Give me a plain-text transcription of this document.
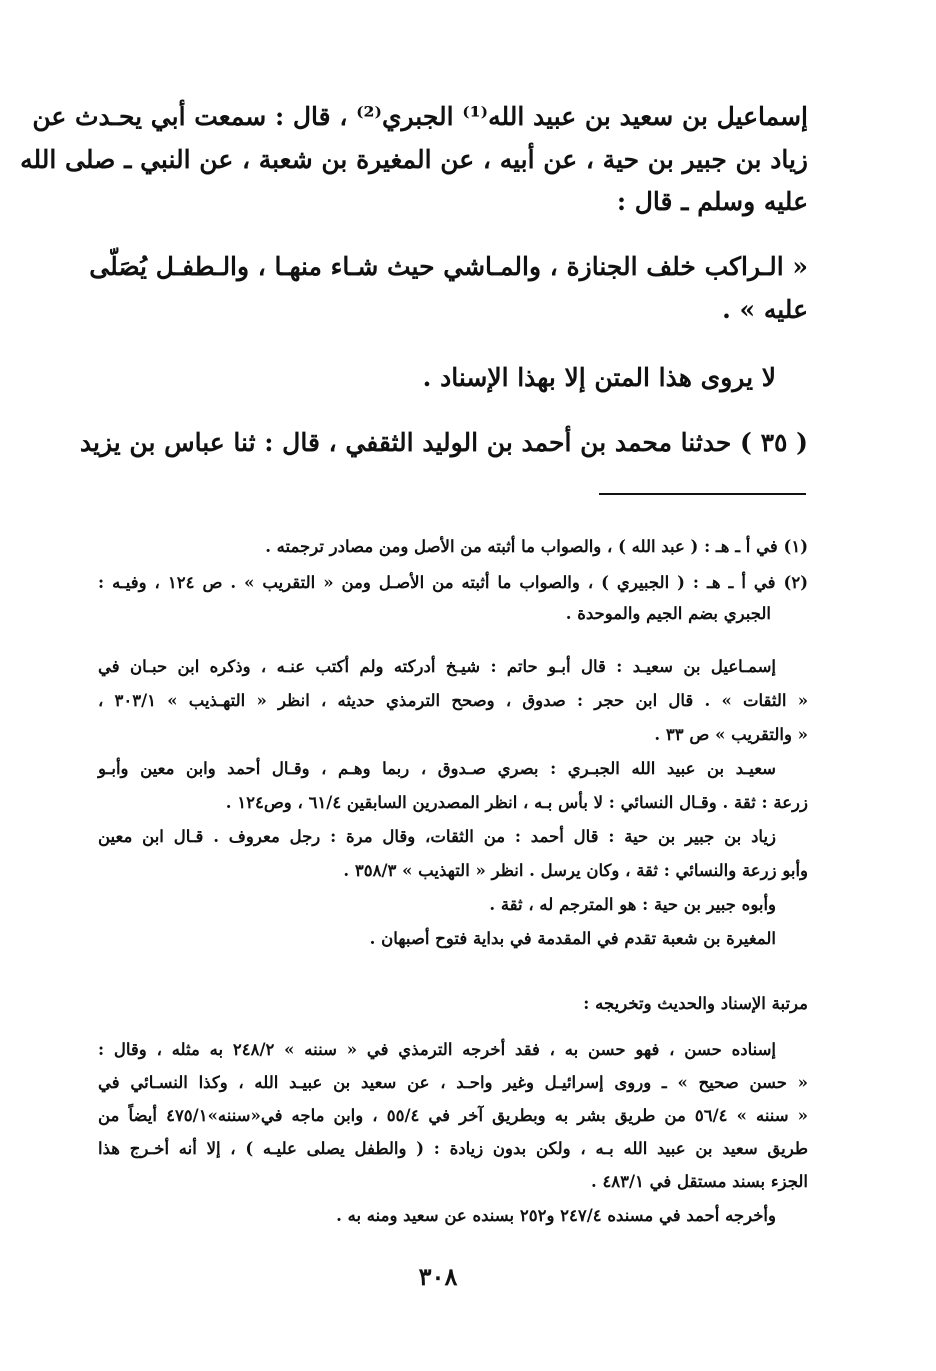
إسماعيل بن سعيد بن عبيد الله⁽¹⁾ الجبري⁽²⁾ ، قال : سمعت أبي يحـدث عن
زياد بن جبير بن حية ، عن أبيه ، عن المغيرة بن شعبة ، عن النبي ـ صلى الله
عليه وسلم ـ قال :
« الـراكب خلف الجنازة ، والمـاشي حيث شـاء منهـا ، والـطفـل يُصَلّى
عليه » .
لا يروى هذا المتن إلا بهذا الإسناد .
( ٣٥ ) حدثنا محمد بن أحمد بن الوليد الثقفي ، قال : ثنا عباس بن يزيد
(١) في أ ـ هـ : ( عبد الله ) ، والصواب ما أثبته من الأصل ومن مصادر ترجمته .
(٢) في أ ـ هـ : ( الجبيري ) ، والصواب ما أثبته من الأصـل ومن « التقريب » . ص ١٢٤ ، وفيـه :
الجبري بضم الجيم والموحدة .
إسمـاعيل بن سعيـد : قال أبـو حاتم : شيـخ أدركته ولم أكتب عنـه ، وذكره ابن حبـان في
« الثقات » . قال ابن حجر : صدوق ، وصحح الترمذي حديثه ، انظر « التهـذيب » ٣٠٣/١ ،
« والتقريب » ص ٣٣ .
سعيـد بن عبيد الله الجبـري : بصري صـدوق ، ربما وهـم ، وقـال أحمد وابن معين وأبـو
زرعة : ثقة . وقـال النسائي : لا بأس بـه ، انظر المصدرين السابقين ٦١/٤ ، وص١٢٤ .
زياد بن جبير بن حية : قال أحمد : من الثقات، وقال مرة : رجل معروف . قـال ابن معين
وأبو زرعة والنسائي : ثقة ، وكان يرسل . انظر « التهذيب » ٣٥٨/٣ .
وأبوه جبير بن حية : هو المترجم له ، ثقة .
المغيرة بن شعبة تقدم في المقدمة في بداية فتوح أصبهان .
مرتبة الإسناد والحديث وتخريجه :
إسناده حسن ، فهو حسن به ، فقد أخرجه الترمذي في « سننه » ٢٤٨/٢ به مثله ، وقال :
« حسن صحيح » ـ وروى إسرائيـل وغير واحـد ، عن سعيد بن عبيـد الله ، وكذا النسـائي في
« سننه » ٥٦/٤ من طريق بشر به وبطريق آخر في ٥٥/٤ ، وابن ماجه في«سننه»٤٧٥/١ أيضاً من
طريق سعيد بن عبيد الله بـه ، ولكن بدون زيادة : ( والطفل يصلى عليـه ) ، إلا أنه أخـرج هذا
الجزء بسند مستقل في ٤٨٣/١ .
وأخرجه أحمد في مسنده ٢٤٧/٤ و٢٥٢ بسنده عن سعيد ومنه به .
٣٠٨
